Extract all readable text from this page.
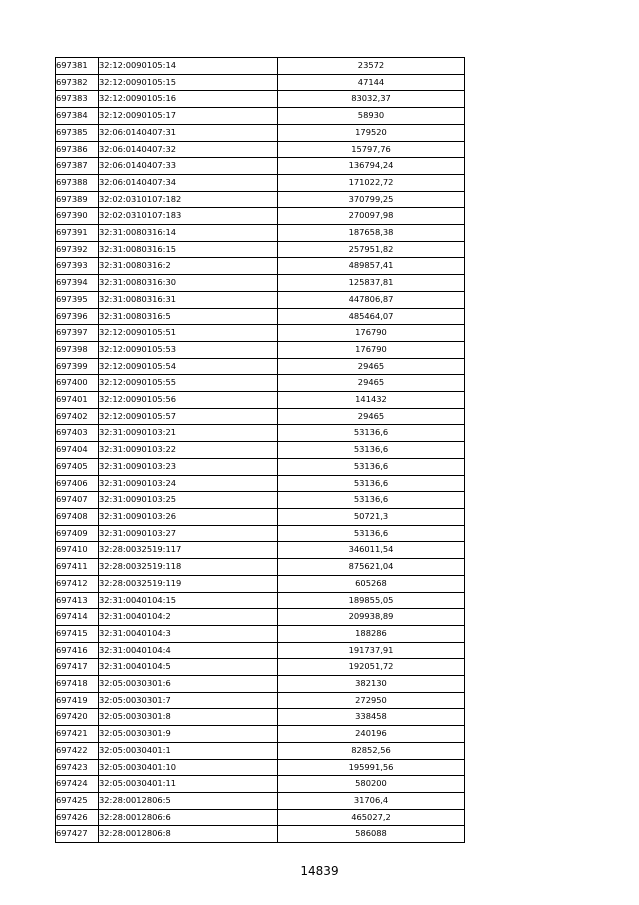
697381	32:12:0090105:14	23572
697382	32:12:0090105:15	47144
697383	32:12:0090105:16	83032,37
697384	32:12:0090105:17	58930
697385	32:06:0140407:31	179520
697386	32:06:0140407:32	15797,76
697387	32:06:0140407:33	136794,24
697388	32:06:0140407:34	171022,72
697389	32:02:0310107:182	370799,25
697390	32:02:0310107:183	270097,98
697391	32:31:0080316:14	187658,38
697392	32:31:0080316:15	257951,82
697393	32:31:0080316:2	489857,41
697394	32:31:0080316:30	125837,81
697395	32:31:0080316:31	447806,87
697396	32:31:0080316:5	485464,07
697397	32:12:0090105:51	176790
697398	32:12:0090105:53	176790
697399	32:12:0090105:54	29465
697400	32:12:0090105:55	29465
697401	32:12:0090105:56	141432
697402	32:12:0090105:57	29465
697403	32:31:0090103:21	53136,6
697404	32:31:0090103:22	53136,6
697405	32:31:0090103:23	53136,6
697406	32:31:0090103:24	53136,6
697407	32:31:0090103:25	53136,6
697408	32:31:0090103:26	50721,3
697409	32:31:0090103:27	53136,6
697410	32:28:0032519:117	346011,54
697411	32:28:0032519:118	875621,04
697412	32:28:0032519:119	605268
697413	32:31:0040104:15	189855,05
697414	32:31:0040104:2	209938,89
697415	32:31:0040104:3	188286
697416	32:31:0040104:4	191737,91
697417	32:31:0040104:5	192051,72
697418	32:05:0030301:6	382130
697419	32:05:0030301:7	272950
697420	32:05:0030301:8	338458
697421	32:05:0030301:9	240196
697422	32:05:0030401:1	82852,56
697423	32:05:0030401:10	195991,56
697424	32:05:0030401:11	580200
697425	32:28:0012806:5	31706,4
697426	32:28:0012806:6	465027,2
697427	32:28:0012806:8	586088
14839
